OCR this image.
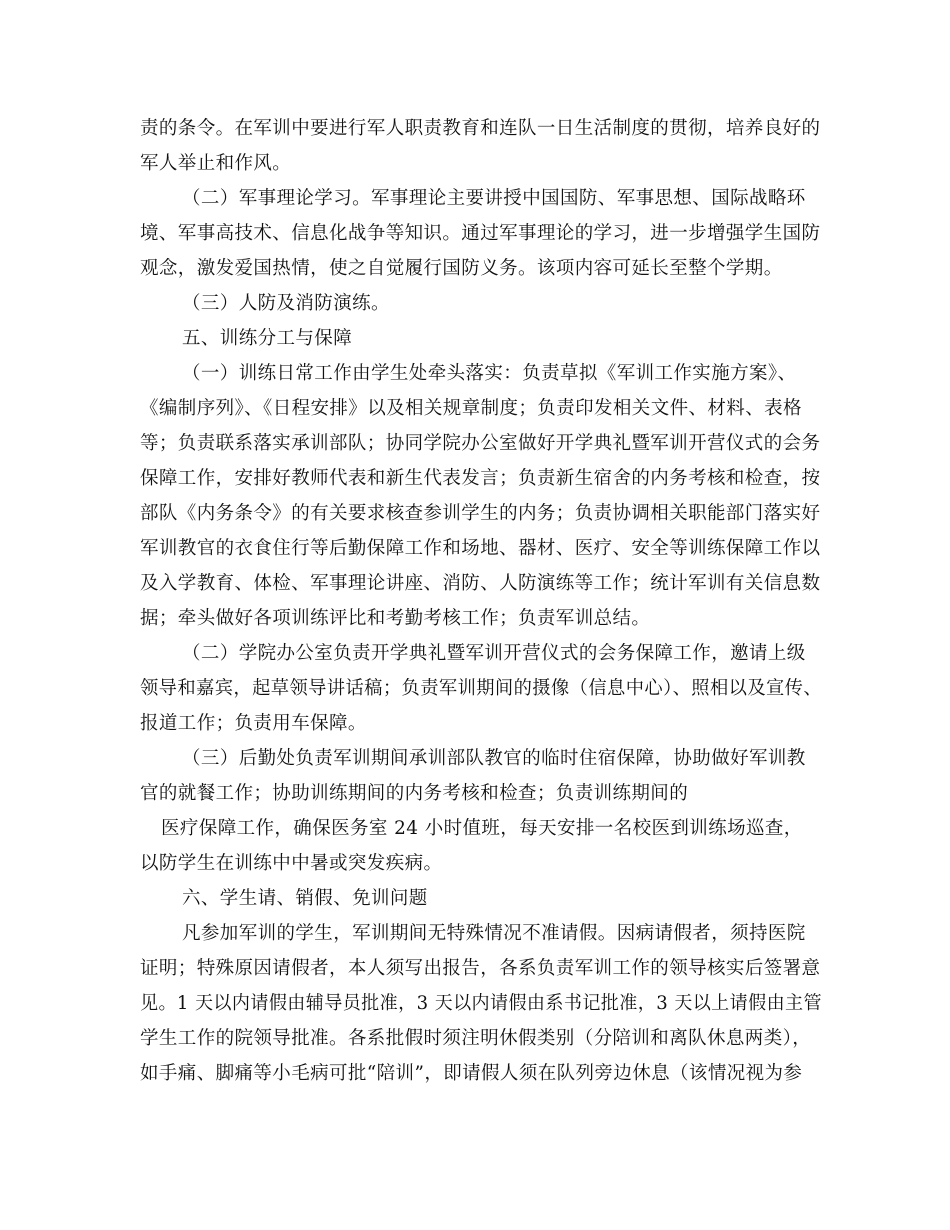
责的条令。在军训中要进行军人职责教育和连队一日生活制度的贯彻，培养良好的
军人举止和作风。
（二）军事理论学习。军事理论主要讲授中国国防、军事思想、国际战略环
境、军事高技术、信息化战争等知识。通过军事理论的学习，进一步增强学生国防
观念，激发爱国热情，使之自觉履行国防义务。该项内容可延长至整个学期。
（三）人防及消防演练。
五、训练分工与保障
（一）训练日常工作由学生处牵头落实：负责草拟《军训工作实施方案》、
《编制序列》、《日程安排》以及相关规章制度；负责印发相关文件、材料、表格
等；负责联系落实承训部队；协同学院办公室做好开学典礼暨军训开营仪式的会务
保障工作，安排好教师代表和新生代表发言；负责新生宿舍的内务考核和检查，按
部队《内务条令》的有关要求核查参训学生的内务；负责协调相关职能部门落实好
军训教官的衣食住行等后勤保障工作和场地、器材、医疗、安全等训练保障工作以
及入学教育、体检、军事理论讲座、消防、人防演练等工作；统计军训有关信息数
据；牵头做好各项训练评比和考勤考核工作；负责军训总结。
（二）学院办公室负责开学典礼暨军训开营仪式的会务保障工作，邀请上级
领导和嘉宾，起草领导讲话稿；负责军训期间的摄像（信息中心）、照相以及宣传、
报道工作；负责用车保障。
（三）后勤处负责军训期间承训部队教官的临时住宿保障，协助做好军训教
官的就餐工作；协助训练期间的内务考核和检查；负责训练期间的
医疗保障工作，确保医务室 24 小时值班，每天安排一名校医到训练场巡查，
以防学生在训练中中暑或突发疾病。
六、学生请、销假、免训问题
凡参加军训的学生，军训期间无特殊情况不准请假。因病请假者，须持医院
证明；特殊原因请假者，本人须写出报告，各系负责军训工作的领导核实后签署意
见。1 天以内请假由辅导员批准，3 天以内请假由系书记批准，3 天以上请假由主管
学生工作的院领导批准。各系批假时须注明休假类别（分陪训和离队休息两类），
如手痛、脚痛等小毛病可批“陪训”，即请假人须在队列旁边休息（该情况视为参
